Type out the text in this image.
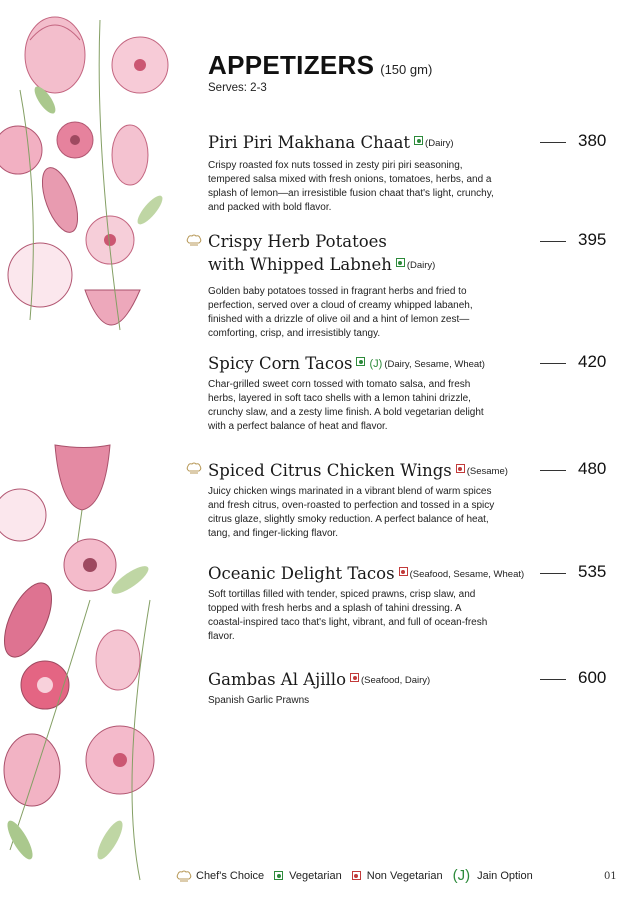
APPETIZERS (150 gm)
Serves: 2-3
Piri Piri Makhana Chaat (Dairy)
Crispy roasted fox nuts tossed in zesty piri piri seasoning, tempered salsa mixed with fresh onions, tomatoes, herbs, and a splash of lemon—an irresistible fusion chaat that's light, crunchy, and packed with bold flavor.
380
Crispy Herb Potatoes
with Whipped Labneh (Dairy)
Golden baby potatoes tossed in fragrant herbs and fried to perfection, served over a cloud of creamy whipped labaneh, finished with a drizzle of olive oil and a hint of lemon zest—comforting, crisp, and irresistibly tangy.
395
Spicy Corn Tacos (J) (Dairy, Sesame, Wheat)
Char-grilled sweet corn tossed with tomato salsa, and fresh herbs, layered in soft taco shells with a lemon tahini drizzle, crunchy slaw, and a zesty lime finish. A bold vegetarian delight with a perfect balance of heat and flavor.
420
Spiced Citrus Chicken Wings (Sesame)
Juicy chicken wings marinated in a vibrant blend of warm spices and fresh citrus, oven-roasted to perfection and tossed in a spicy citrus glaze, slightly smoky reduction. A perfect balance of heat, tang, and finger-licking flavor.
480
Oceanic Delight Tacos (Seafood, Sesame, Wheat)
Soft tortillas filled with tender, spiced prawns, crisp slaw, and topped with fresh herbs and a splash of tahini dressing. A coastal-inspired taco that's light, vibrant, and full of ocean-fresh flavor.
535
Gambas Al Ajillo (Seafood, Dairy)
Spanish Garlic Prawns
600
Chef's Choice Vegetarian Non Vegetarian (J) Jain Option	01
